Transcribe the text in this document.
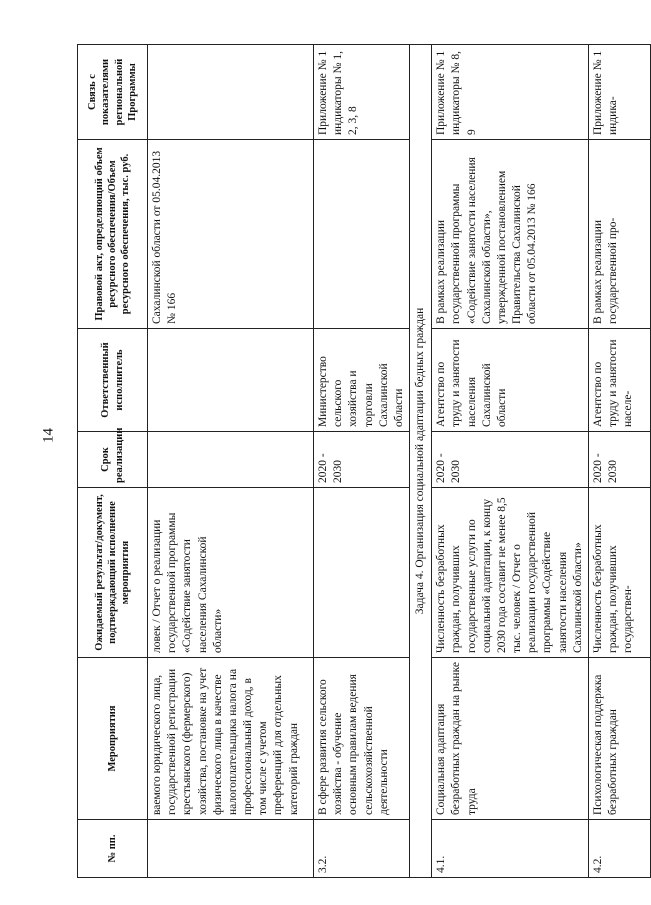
14
№ пп.	Мероприятия	Ожидаемый результат/документ, подтверждающий исполнение мероприятия	Срок реализации	Ответственный исполнитель	Правовой акт, определяющий объем ресурсного обеспечения/Объем ресурсного обеспечения, тыс. руб.	Связь с показателями региональной Программы
	ваемого юридического лица, государственной регистрации крестьянского (фермерского) хозяйства, постановке на учет физического лица в качестве налогоплательщика налога на профессиональный доход, в том числе с учетом преференций для отдельных категорий граждан	ловек / Отчет о реализации государственной программы «Содействие занятости населения Сахалинской области»			Сахалинской области от 05.04.2013 № 166	
3.2.	В сфере развития сельского хозяйства - обучение основным правилам ведения сельскохозяйственной деятельности		2020 - 2030	Министерство сельского хозяйства и торговли Сахалинской области		Приложение № 1 индикаторы № 1, 2, 3, 8
Задача 4. Организация социальной адаптации бедных граждан						
4.1.	Социальная адаптация безработных граждан на рынке труда	Численность безработных граждан, получивших государственные услуги по социальной адаптации, к концу 2030 года составит не менее 8,5 тыс. человек / Отчет о реализации государственной программы «Содействие занятости населения Сахалинской области»	2020 - 2030	Агентство по труду и занятости населения Сахалинской области	В рамках реализации государственной программы «Содействие занятости населения Сахалинской области», утвержденной постановлением Правительства Сахалинской области от 05.04.2013 № 166	Приложение № 1 индикаторы № 8, 9
4.2.	Психологическая поддержка безработных граждан	Численность безработных граждан, получивших государствен-	2020 - 2030	Агентство по труду и занятости населе-	В рамках реализации государственной про-	Приложение № 1 индика-
